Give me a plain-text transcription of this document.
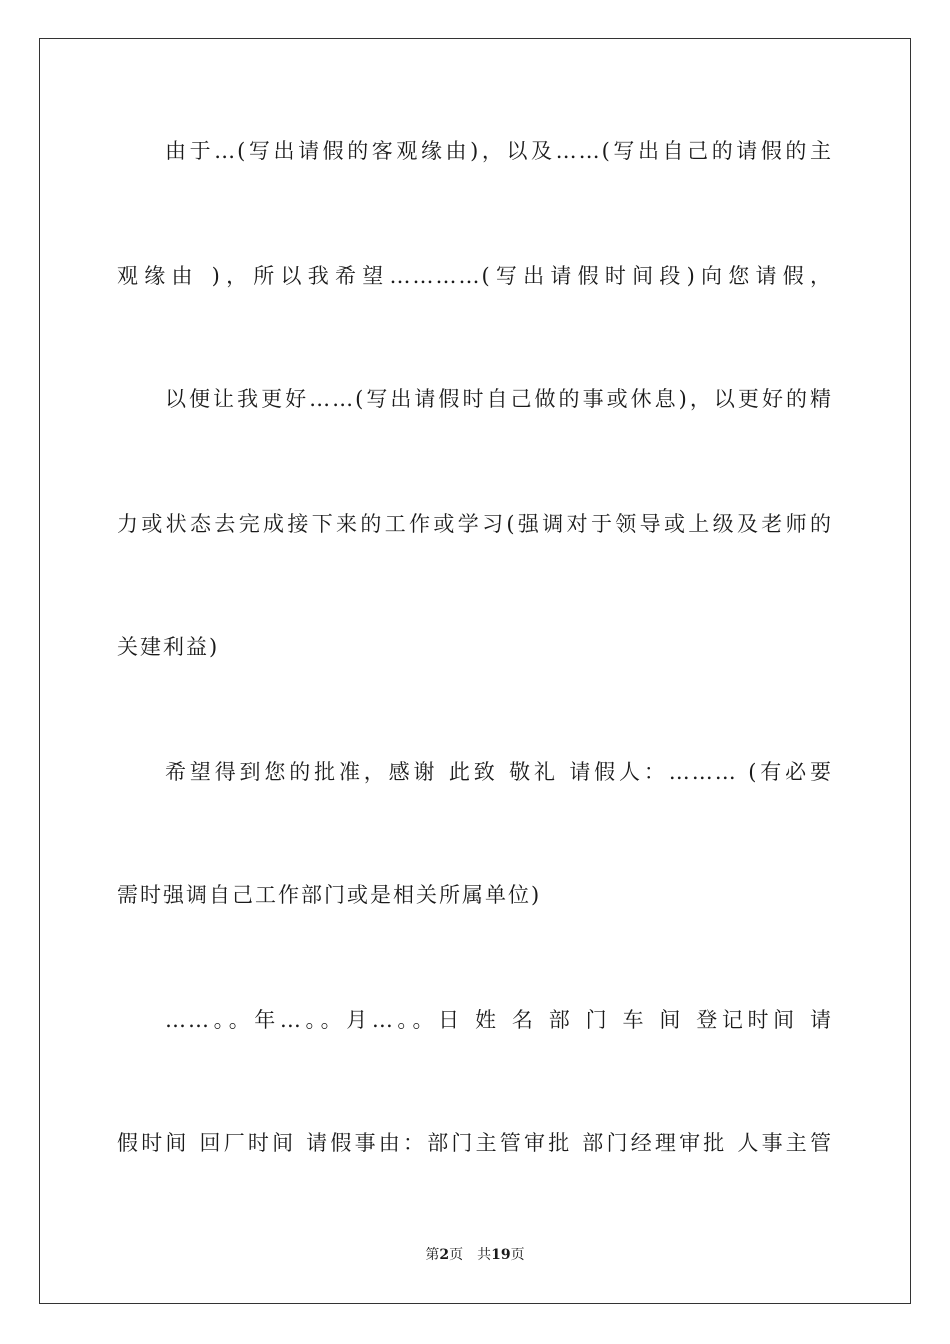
由于…(写出请假的客观缘由)，以及……(写出自己的请假的主
观缘由 )，所以我希望…………(写出请假时间段)向您请假，
以便让我更好……(写出请假时自己做的事或休息)，以更好的精
力或状态去完成接下来的工作或学习(强调对于领导或上级及老师的
关建利益)
希望得到您的批准，感谢 此致 敬礼 请假人：……… (有必要
需时强调自己工作部门或是相关所属单位)
……。。年…。。月…。。日 姓 名 部 门 车 间 登记时间 请
假时间 回厂时间 请假事由：部门主管审批 部门经理审批 人事主管
第2页 共19页
